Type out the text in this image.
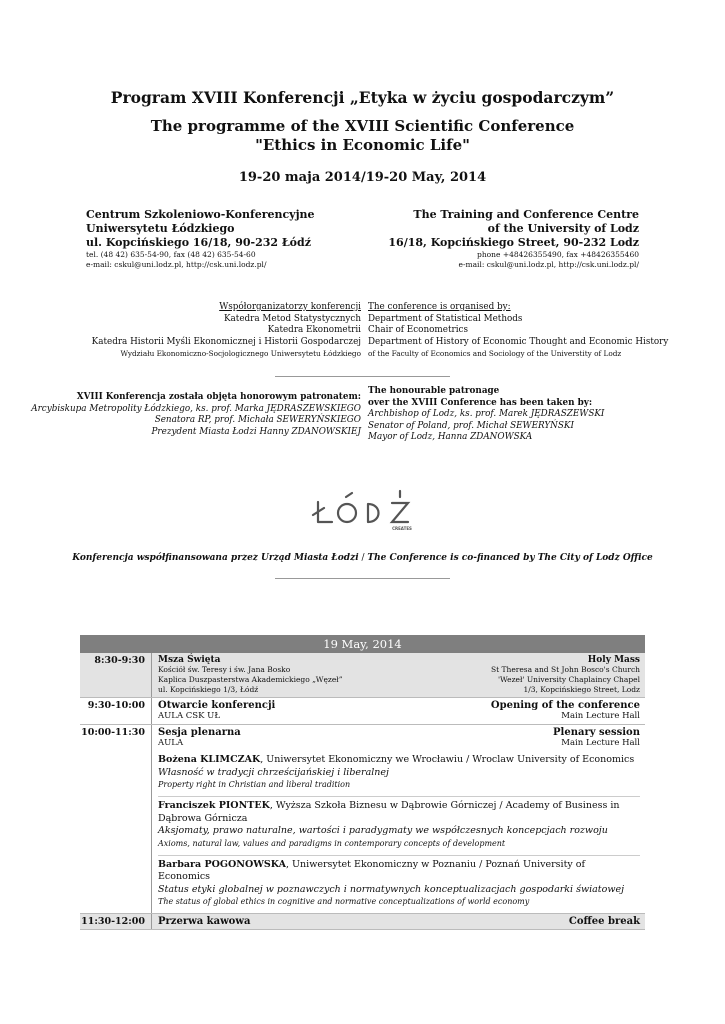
Program XVIII Konferencji „Etyka w życiu gospodarczym”
The programme of the XVIII Scientific Conference
"Ethics in Economic Life"
19-20 maja 2014/19-20 May, 2014
Centrum Szkoleniowo-Konferencyjne
Uniwersytetu Łódzkiego
ul. Kopcińskiego 16/18, 90-232 Łódź
tel. (48 42) 635-54-90, fax (48 42) 635-54-60
e-mail: cskul@uni.lodz.pl, http://csk.uni.lodz.pl/
The Training and Conference Centre
of the University of Lodz
16/18, Kopcińskiego Street, 90-232 Lodz
phone +48426355490, fax +48426355460
e-mail: cskul@uni.lodz.pl, http://csk.uni.lodz.pl/
Współorganizatorzy konferencji
Katedra Metod Statystycznych
Katedra Ekonometrii
Katedra Historii Myśli Ekonomicznej i Historii Gospodarczej
Wydziału Ekonomiczno-Socjologicznego Uniwersytetu Łódzkiego
The conference is organised by:
Department of Statistical Methods
Chair of Econometrics
Department of History of Economic Thought and Economic History
of the Faculty of Economics and Sociology of the Universtity of Lodz
XVIII Konferencja została objęta honorowym patronatem:
Arcybiskupa Metropolity Łódzkiego, ks. prof. Marka JĘDRASZEWSKIEGO
Senatora RP, prof. Michała SEWERYŃSKIEGO
Prezydent Miasta Łodzi Hanny ZDANOWSKIEJ
The honourable patronage
over the XVIII Conference has been taken by:
Archbishop of Lodz, ks. prof. Marek JĘDRASZEWSKI
Senator of Poland, prof. Michał SEWERYŃSKI
Mayor of Lodz, Hanna ZDANOWSKA
CREATES
Konferencja współfinansowana przez Urząd Miasta Łodzi / The Conference is co-financed by The City of Lodz Office
19 May, 2014
8:30-9:30	Msza Święta	Holy Mass
Kościół św. Teresy i św. Jana Bosko	St Theresa and St John Bosco's Church
Kaplica Duszpasterstwa Akademickiego „Węzeł”	'Wezeł' University Chaplaincy Chapel
ul. Kopcińskiego 1/3, Łódź	1/3, Kopcińskiego Street, Lodz
9:30-10:00	Otwarcie konferencji	Opening of the conference
AULA CSK UŁ	Main Lecture Hall
10:00-11:30	Sesja plenarna	Plenary session
AULA	Main Lecture Hall
Bożena KLIMCZAK, Uniwersytet Ekonomiczny we Wrocławiu / Wroclaw University of Economics
Własność w tradycji chrześcijańskiej i liberalnej
Property right in Christian and liberal tradition
Franciszek PIONTEK, Wyższa Szkoła Biznesu w Dąbrowie Górniczej / Academy of Business in Dąbrowa Górnicza
Aksjomaty, prawo naturalne, wartości i paradygmaty we współczesnych koncepcjach rozwoju
Axioms, natural law, values and paradigms in contemporary concepts of development
Barbara POGONOWSKA, Uniwersytet Ekonomiczny w Poznaniu / Poznań University of Economics
Status etyki globalnej w poznawczych i normatywnych konceptualizacjach gospodarki światowej
The status of global ethics in cognitive and normative conceptualizations of world economy
11:30-12:00	Przerwa kawowa	Coffee break
